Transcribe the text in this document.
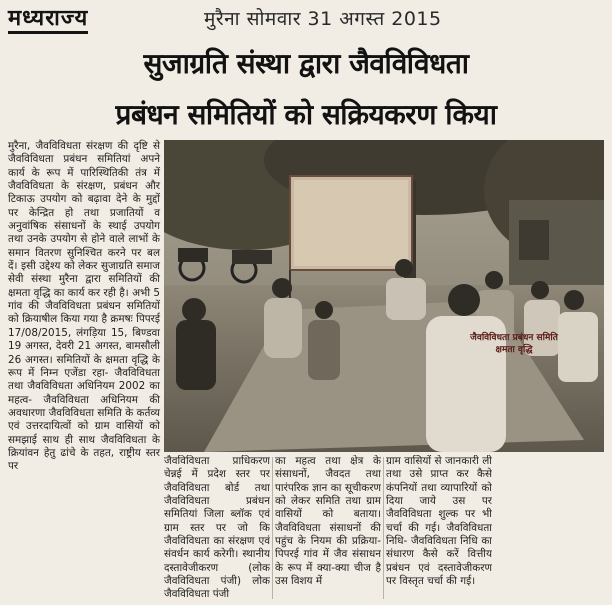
मध्यराज्य	मुरैना सोमवार 31 अगस्त 2015
सुजाग्रति संस्था द्वारा जैवविविधता
प्रबंधन समितियों को सक्रियकरण किया

मुरैना, जैवविविधता संरक्षण की दृष्टि से जैवविविधता प्रबंधन समितियां अपने कार्य के रूप में पारिस्थितिकी तंत्र में जैवविविधता के संरक्षण, प्रबंधन और टिकाऊ उपयोग को बढ़ावा देने के मुद्दों पर केन्द्रित हो तथा प्रजातियों व अनुवांषिक संसाधनों के स्थाई उपयोग तथा उनके उपयोग से होने वाले लाभों के समान वितरण सुनिश्चित करने पर बल दें। इसी उद्देश्य को लेकर सुजाग्रति समाज सेवी संस्था मुरैना द्वारा समितियों की क्षमता वृद्धि का कार्य कर रही है। अभी 5 गांव की जैवविविधता प्रबंधन समितियों को क्रियाषील किया गया है क्रमषः पिपरई 17/08/2015, लंगड़िया 15, बिण्डवा 19 अगस्त, देवरी 21 अगस्त, बामसौली 26 अगस्त। समितियों के क्षमता वृद्धि के रूप में निम्न एजेंडा रहा- जैवविविधता तथा जैवविविधता अधिनियम 2002 का महत्व- जैवविविधता अधिनियम की अवधारणा जैवविविधता समिति के कर्तव्य एवं उत्तरदायित्वों को ग्राम वासियों को समझाई साथ ही साथ जैवविविधता के क्रियांवन हेतु ढांचे के तहत, राष्ट्रीय स्तर पर

जैवविविधता प्रबंधन समिति क्षमता वृद्धि

जैवविविधता प्राधिकरण चेन्नई में प्रदेश स्तर पर जैवविविधता बोर्ड तथा जैवविविधता प्रबंधन समितियां जिला ब्लॉक एवं ग्राम स्तर पर जो कि जैवविविधता का संरक्षण एवं संवर्धन कार्य करेगी। स्थानीय दस्तावेजीकरण (लोक जैवविविधता पंजी) लोक जैवविविधता पंजी

का महत्व तथा क्षेत्र के संसाधनों, जैवदत तथा पारंपरिक ज्ञान का सूचीकरण को लेकर समिति तथा ग्राम वासियों को बताया। जैवविविधता संसाधनों की पहुंच के नियम की प्रक्रिया- पिपरई गांव में जैव संसाधन के रूप में क्या-क्या चीज है उस विशय में

ग्राम वासियों से जानकारी ली तथा उसे प्राप्त कर कैसे कंपनियों तथा व्यापारियों को दिया जाये उस पर जैवविविधता शुल्क पर भी चर्चा की गई। जैवविविधता निधि- जैवविविधता निधि का संधारण कैसे करें वित्तीय प्रबंधन एवं दस्तावेजीकरण पर विस्तृत चर्चा की गई।
